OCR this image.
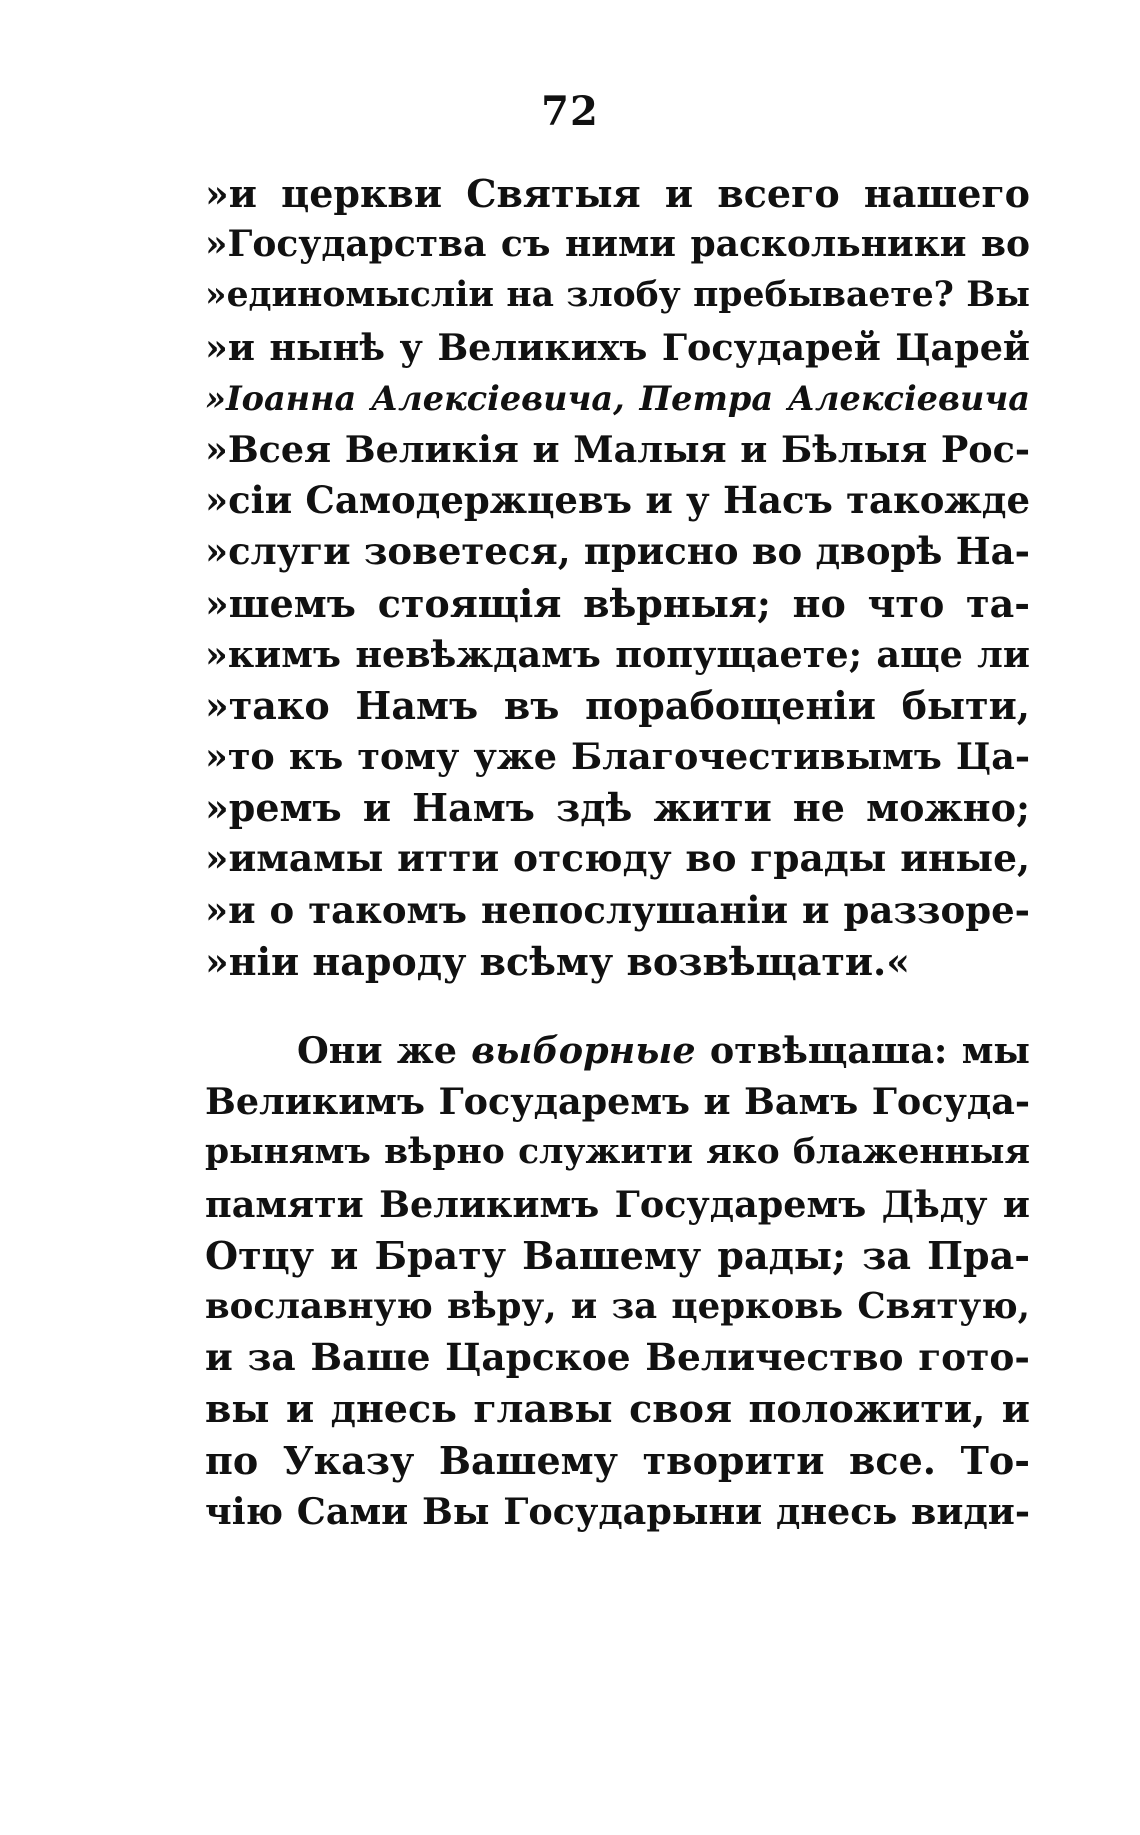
72
»и церкви Святыя и всего нашего
»Государства съ ними раскольники во
»единомысліи на злобу пребываете? Вы
»и нынѣ у Великихъ Государей Царей
»Іоанна Алексіевича, Петра Алексіевича
»Всея Великія и Малыя и Бѣлыя Рос-
»сіи Самодержцевъ и у Насъ такожде
»слуги зоветеся, присно во дворѣ На-
»шемъ стоящія вѣрныя; но что та-
»кимъ невѣждамъ попущаете; аще ли
»тако Намъ въ порабощеніи быти,
»то къ тому уже Благочестивымъ Ца-
»ремъ и Намъ здѣ жити не можно;
»имамы итти отсюду во грады иные,
»и о такомъ непослушаніи и раззоре-
»ніи народу всѣму возвѣщати.«
Они же выборные отвѣщаша: мы
Великимъ Государемъ и Вамъ Госуда-
рынямъ вѣрно служити яко блаженныя
памяти Великимъ Государемъ Дѣду и
Отцу и Брату Вашему рады; за Пра-
вославную вѣру, и за церковь Святую,
и за Ваше Царское Величество гото-
вы и днесь главы своя положити, и
по Указу Вашему творити все. То-
чію Сами Вы Государыни днесь види-
